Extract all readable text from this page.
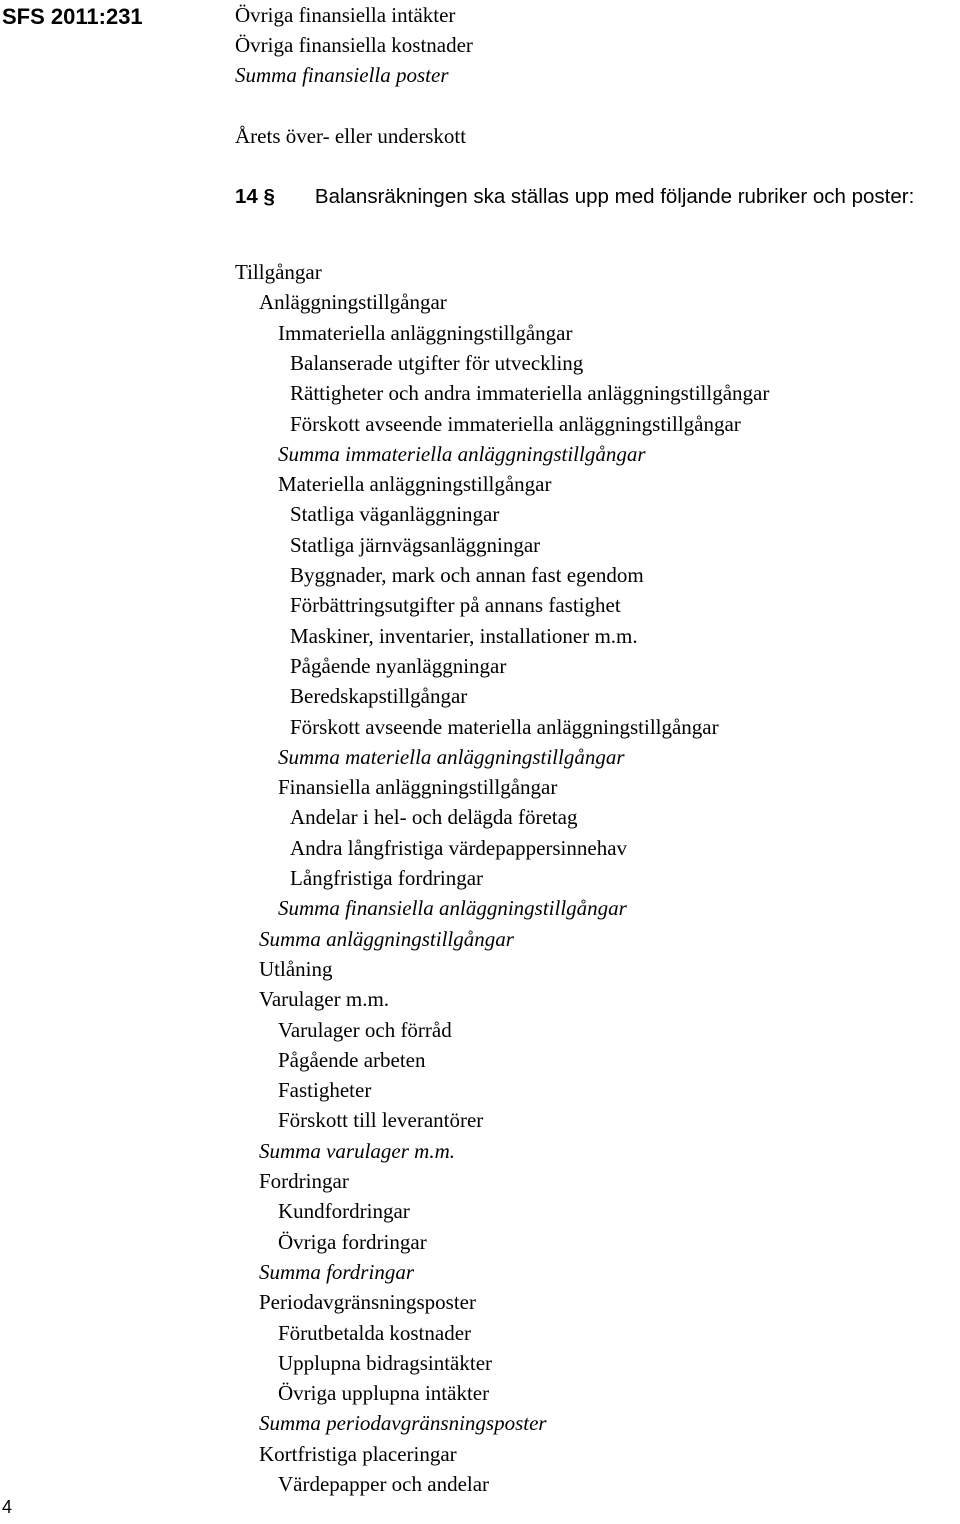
SFS 2011:231
4
Övriga finansiella intäkter
Övriga finansiella kostnader
Summa finansiella poster
Årets över- eller underskott
14 § Balansräkningen ska ställas upp med följande rubriker och poster:
Tillgångar
Anläggningstillgångar
Immateriella anläggningstillgångar
Balanserade utgifter för utveckling
Rättigheter och andra immateriella anläggningstillgångar
Förskott avseende immateriella anläggningstillgångar
Summa immateriella anläggningstillgångar
Materiella anläggningstillgångar
Statliga väganläggningar
Statliga järnvägsanläggningar
Byggnader, mark och annan fast egendom
Förbättringsutgifter på annans fastighet
Maskiner, inventarier, installationer m.m.
Pågående nyanläggningar
Beredskapstillgångar
Förskott avseende materiella anläggningstillgångar
Summa materiella anläggningstillgångar
Finansiella anläggningstillgångar
Andelar i hel- och delägda företag
Andra långfristiga värdepappersinnehav
Långfristiga fordringar
Summa finansiella anläggningstillgångar
Summa anläggningstillgångar
Utlåning
Varulager m.m.
Varulager och förråd
Pågående arbeten
Fastigheter
Förskott till leverantörer
Summa varulager m.m.
Fordringar
Kundfordringar
Övriga fordringar
Summa fordringar
Periodavgränsningsposter
Förutbetalda kostnader
Upplupna bidragsintäkter
Övriga upplupna intäkter
Summa periodavgränsningsposter
Kortfristiga placeringar
Värdepapper och andelar
